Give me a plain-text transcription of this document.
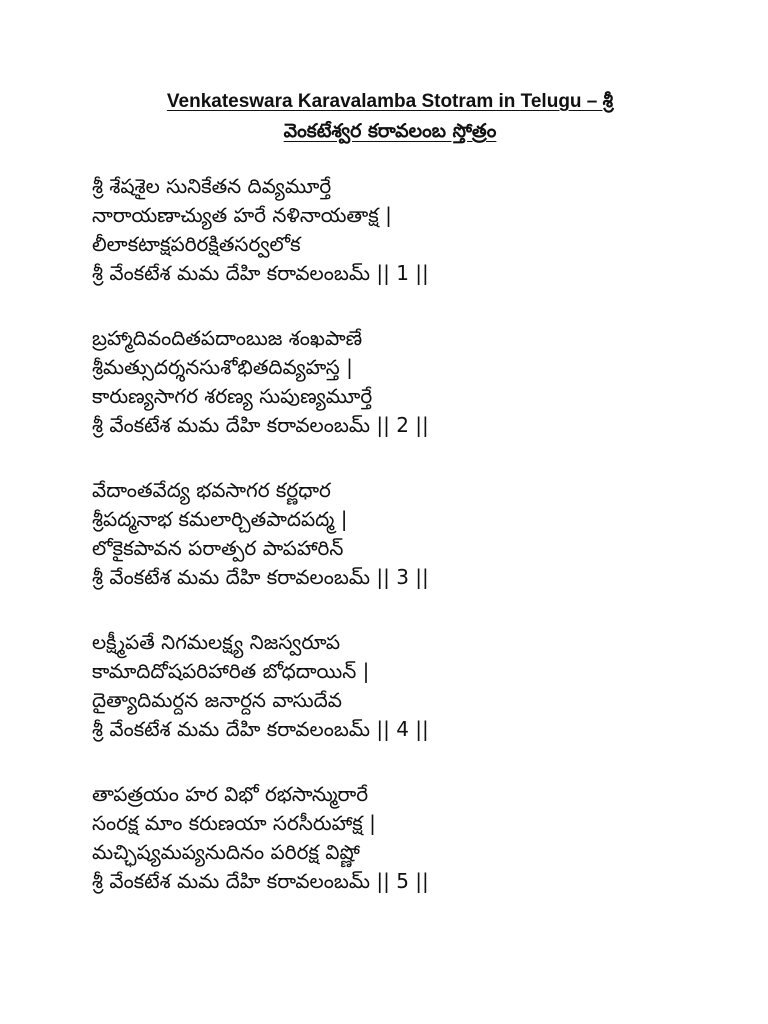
Venkateswara Karavalamba Stotram in Telugu – శ్రీ
వెంకటేశ్వర కరావలంబ స్తోత్రం
శ్రీ శేషశైల సునికేతన దివ్యమూర్తే
నారాయణాచ్యుత హరే నళినాయతాక్ష |
లీలాకటాక్షపరిరక్షితసర్వలోక
శ్రీ వేంకటేశ మమ దేహి కరావలంబమ్ || 1 ||
బ్రహ్మాదివందితపదాంబుజ శంఖపాణే
శ్రీమత్సుదర్శనసుశోభితదివ్యహస్త |
కారుణ్యసాగర శరణ్య సుపుణ్యమూర్తే
శ్రీ వేంకటేశ మమ దేహి కరావలంబమ్ || 2 ||
వేదాంతవేద్య భవసాగర కర్ణధార
శ్రీపద్మనాభ కమలార్చితపాదపద్మ |
లోకైకపావన పరాత్పర పాపహారిన్
శ్రీ వేంకటేశ మమ దేహి కరావలంబమ్ || 3 ||
లక్ష్మీపతే నిగమలక్ష్య నిజస్వరూప
కామాదిదోషపరిహారిత బోధదాయిన్ |
దైత్యాదిమర్దన జనార్దన వాసుదేవ
శ్రీ వేంకటేశ మమ దేహి కరావలంబమ్ || 4 ||
తాపత్రయం హర విభో రభసాన్మురారే
సంరక్ష మాం కరుణయా సరసీరుహాక్ష |
మచ్ఛిష్యమప్యనుదినం పరిరక్ష విష్ణో
శ్రీ వేంకటేశ మమ దేహి కరావలంబమ్ || 5 ||
